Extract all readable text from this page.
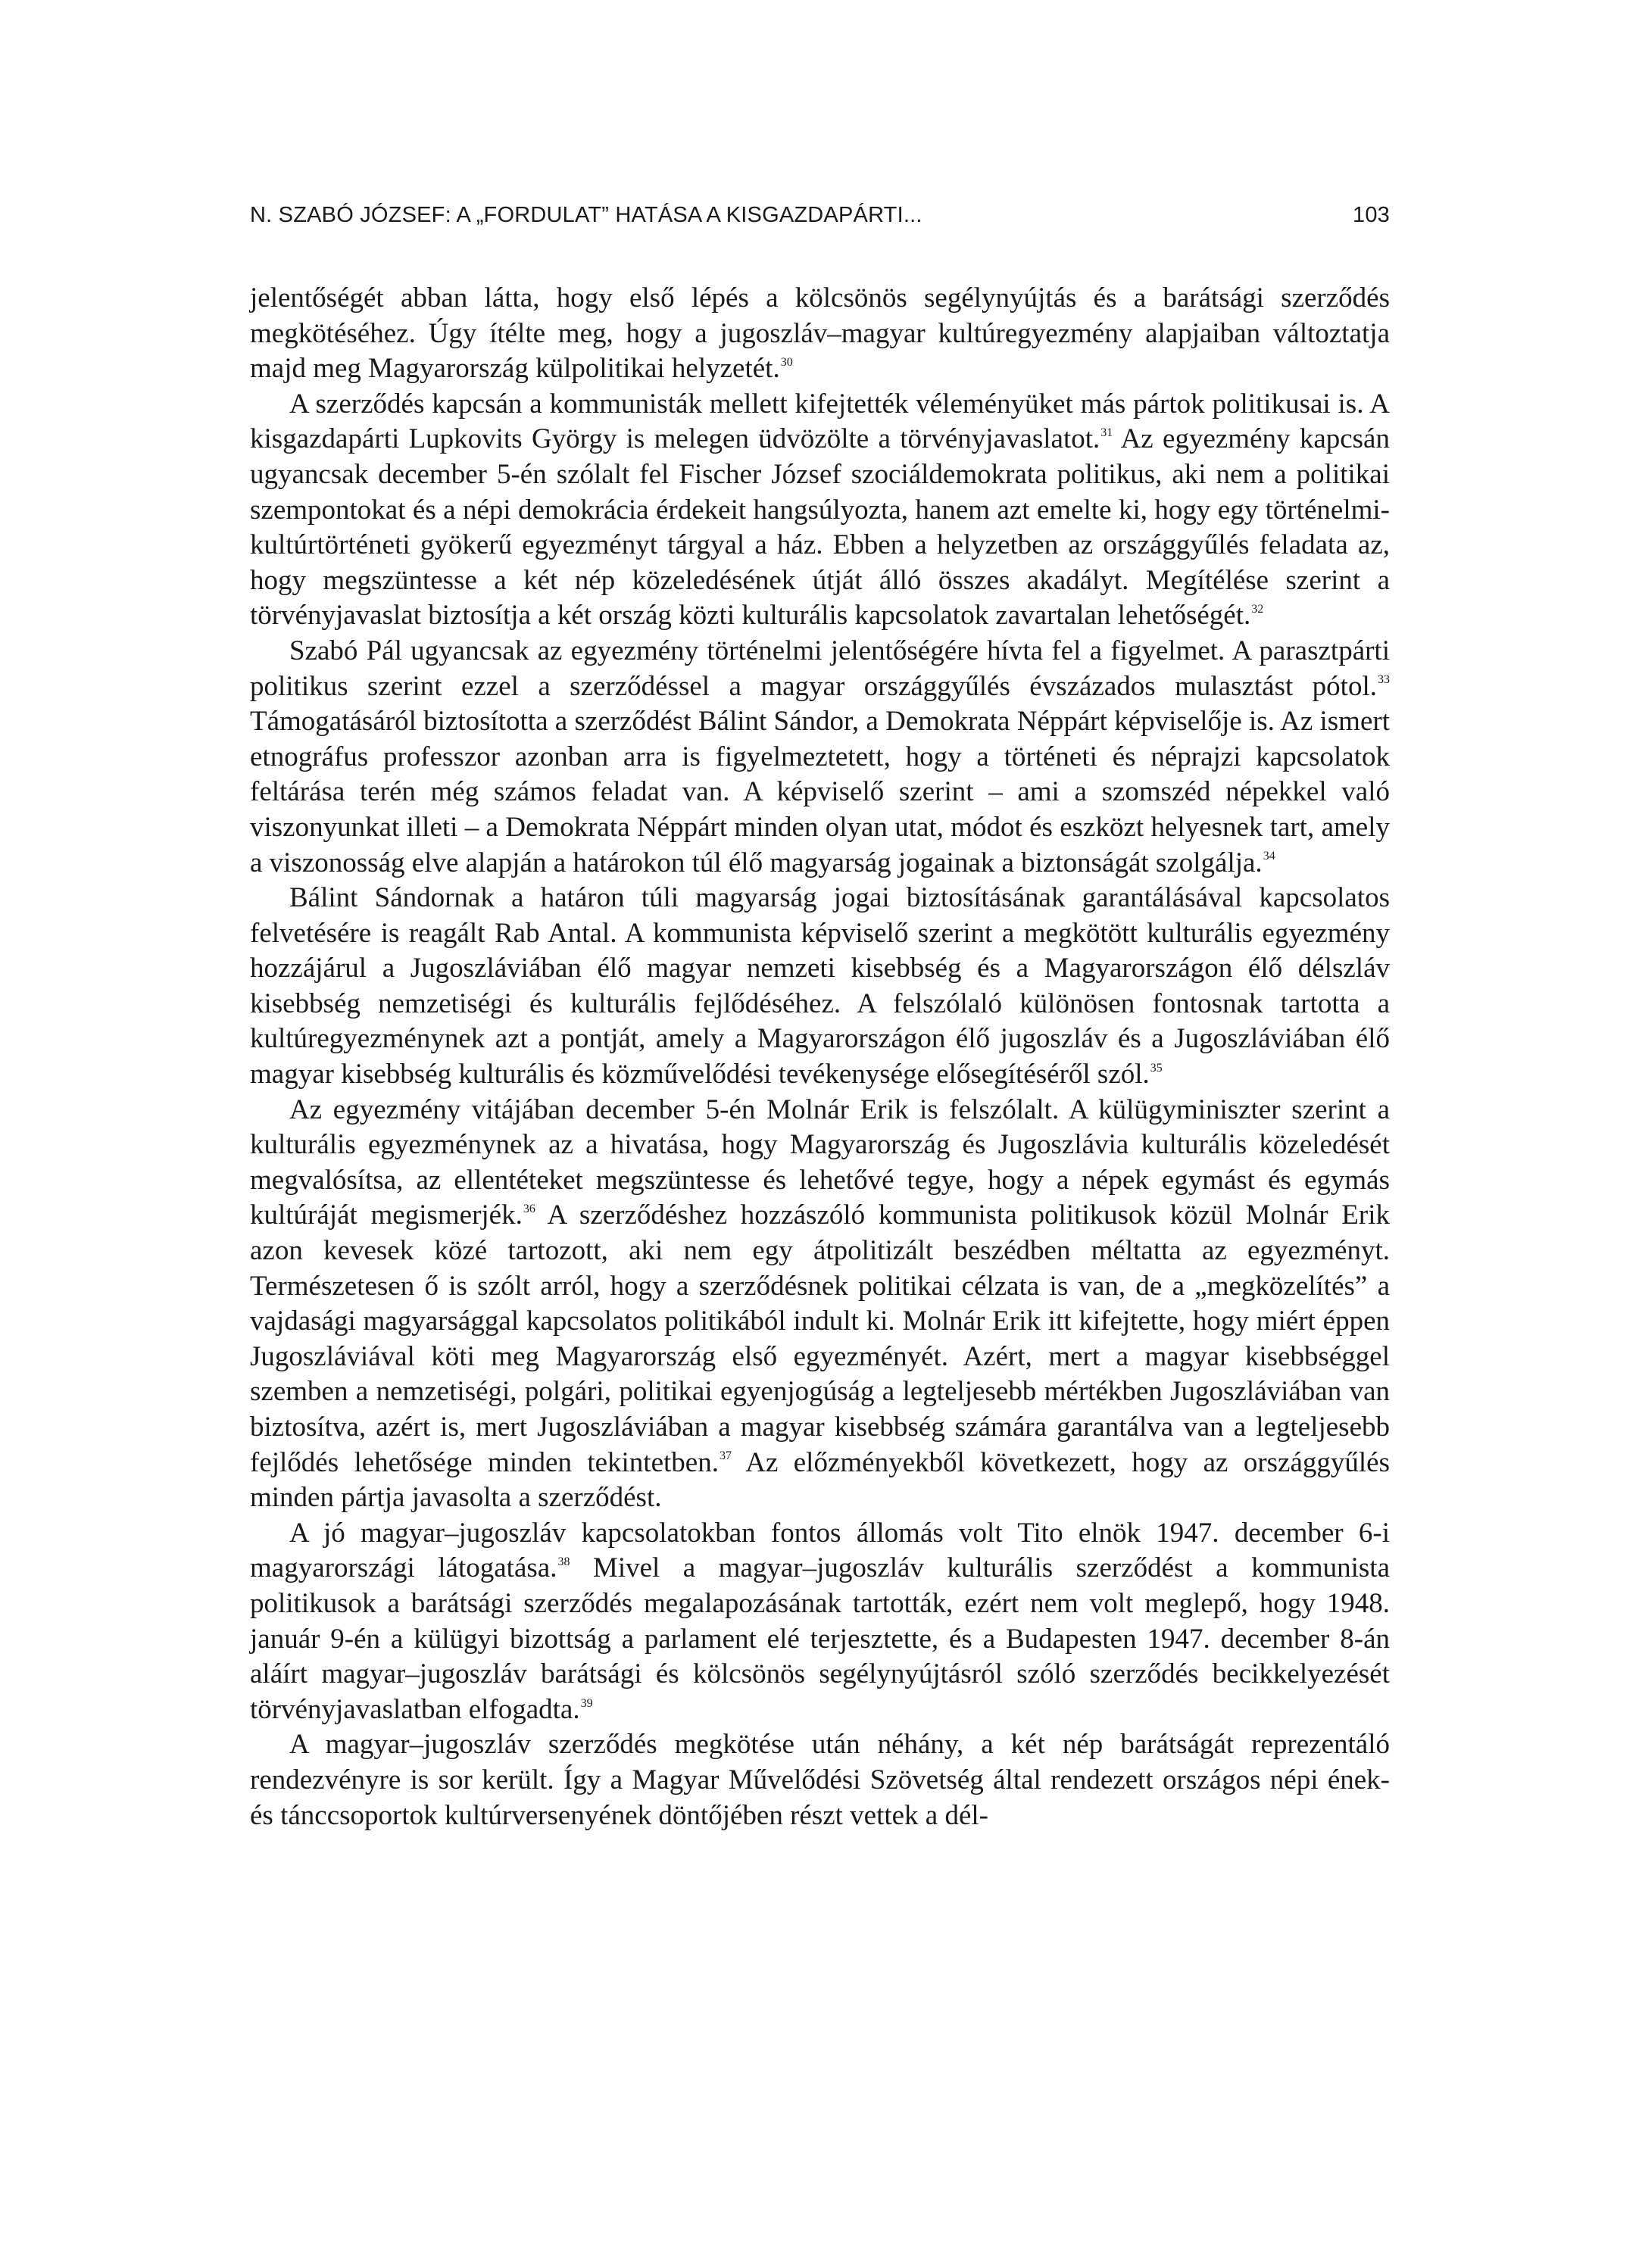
N. SZABÓ JÓZSEF: A „FORDULAT” HATÁSA A KISGAZDAPÁRTI...	103

jelentőségét abban látta, hogy első lépés a kölcsönös segélynyújtás és a barátsági szerződés megkötéséhez. Úgy ítélte meg, hogy a jugoszláv–magyar kultúregyezmény alapjaiban változtatja majd meg Magyarország külpolitikai helyzetét.$^{30}$

A szerződés kapcsán a kommunisták mellett kifejtették véleményüket más pártok politikusai is. A kisgazdapárti Lupkovits György is melegen üdvözölte a törvényjavaslatot.$^{31}$ Az egyezmény kapcsán ugyancsak december 5-én szólalt fel Fischer József szociáldemokrata politikus, aki nem a politikai szempontokat és a népi demokrácia érdekeit hangsúlyozta, hanem azt emelte ki, hogy egy történelmi-kultúrtörténeti gyökerű egyezményt tárgyal a ház. Ebben a helyzetben az országgyűlés feladata az, hogy megszüntesse a két nép közeledésének útját álló összes akadályt. Megítélése szerint a törvényjavaslat biztosítja a két ország közti kulturális kapcsolatok zavartalan lehetőségét.$^{32}$

Szabó Pál ugyancsak az egyezmény történelmi jelentőségére hívta fel a figyelmet. A parasztpárti politikus szerint ezzel a szerződéssel a magyar országgyűlés évszázados mulasztást pótol.$^{33}$ Támogatásáról biztosította a szerződést Bálint Sándor, a Demokrata Néppárt képviselője is. Az ismert etnográfus professzor azonban arra is figyelmeztetett, hogy a történeti és néprajzi kapcsolatok feltárása terén még számos feladat van. A képviselő szerint – ami a szomszéd népekkel való viszonyunkat illeti – a Demokrata Néppárt minden olyan utat, módot és eszközt helyesnek tart, amely a viszonosság elve alapján a határokon túl élő magyarság jogainak a biztonságát szolgálja.$^{34}$

Bálint Sándornak a határon túli magyarság jogai biztosításának garantálásával kapcsolatos felvetésére is reagált Rab Antal. A kommunista képviselő szerint a megkötött kulturális egyezmény hozzájárul a Jugoszláviában élő magyar nemzeti kisebbség és a Magyarországon élő délszláv kisebbség nemzetiségi és kulturális fejlődéséhez. A felszólaló különösen fontosnak tartotta a kultúregyezménynek azt a pontját, amely a Magyarországon élő jugoszláv és a Jugoszláviában élő magyar kisebbség kulturális és közművelődési tevékenysége elősegítéséről szól.$^{35}$

Az egyezmény vitájában december 5-én Molnár Erik is felszólalt. A külügyminiszter szerint a kulturális egyezménynek az a hivatása, hogy Magyarország és Jugoszlávia kulturális közeledését megvalósítsa, az ellentéteket megszüntesse és lehetővé tegye, hogy a népek egymást és egymás kultúráját megismerjék.$^{36}$ A szerződéshez hozzászóló kommunista politikusok közül Molnár Erik azon kevesek közé tartozott, aki nem egy átpolitizált beszédben méltatta az egyezményt. Természetesen ő is szólt arról, hogy a szerződésnek politikai célzata is van, de a „megközelítés” a vajdasági magyarsággal kapcsolatos politikából indult ki. Molnár Erik itt kifejtette, hogy miért éppen Jugoszláviával köti meg Magyarország első egyezményét. Azért, mert a magyar kisebbséggel szemben a nemzetiségi, polgári, politikai egyenjogúság a legteljesebb mértékben Jugoszláviában van biztosítva, azért is, mert Jugoszláviában a magyar kisebbség számára garantálva van a legteljesebb fejlődés lehetősége minden tekintetben.$^{37}$ Az előzményekből következett, hogy az országgyűlés minden pártja javasolta a szerződést.

A jó magyar–jugoszláv kapcsolatokban fontos állomás volt Tito elnök 1947. december 6-i magyarországi látogatása.$^{38}$ Mivel a magyar–jugoszláv kulturális szerződést a kommunista politikusok a barátsági szerződés megalapozásának tartották, ezért nem volt meglepő, hogy 1948. január 9-én a külügyi bizottság a parlament elé terjesztette, és a Budapesten 1947. december 8-án aláírt magyar–jugoszláv barátsági és kölcsönös segélynyújtásról szóló szerződés becikkelyezését törvényjavaslatban elfogadta.$^{39}$

A magyar–jugoszláv szerződés megkötése után néhány, a két nép barátságát reprezentáló rendezvényre is sor került. Így a Magyar Művelődési Szövetség által rendezett országos népi ének- és tánccsoportok kultúrversenyének döntőjében részt vettek a dél-
